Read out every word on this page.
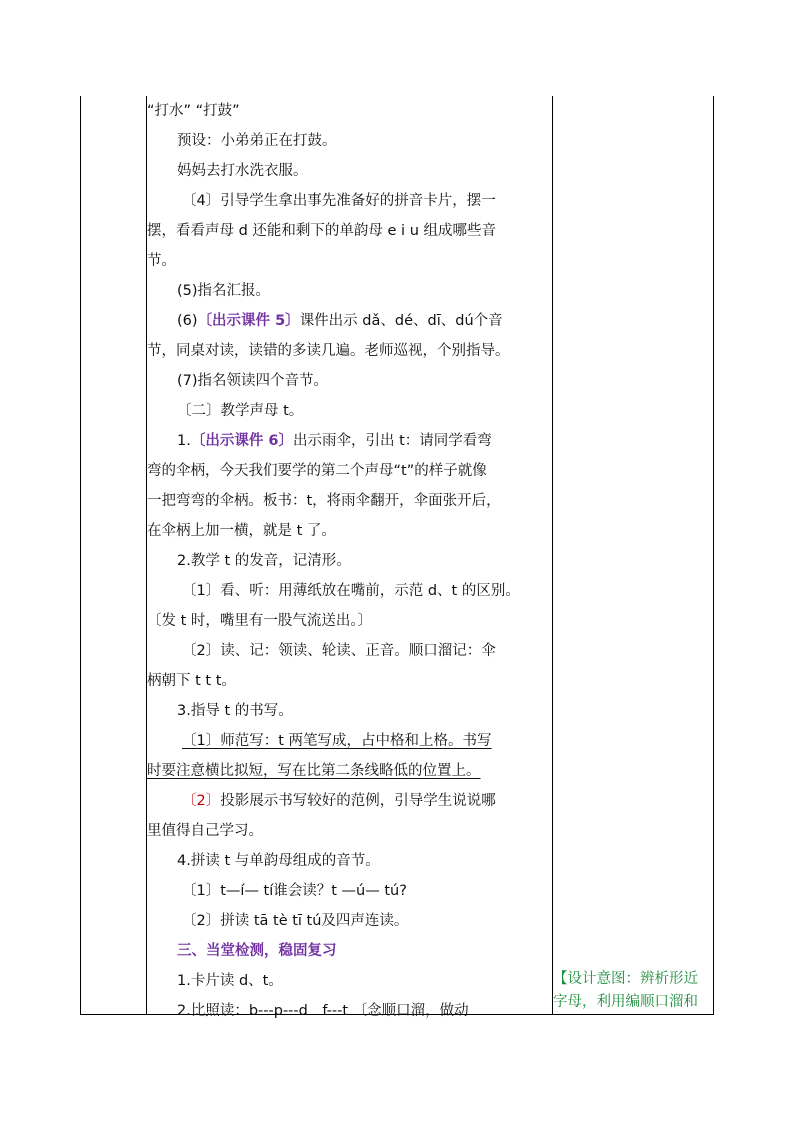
“打水” “打鼓”

预设：小弟弟正在打鼓。

妈妈去打水洗衣服。

〔4〕引导学生拿出事先准备好的拼音卡片，摆一

摆，看看声母 d 还能和剩下的单韵母 e i u 组成哪些音

节。

(5)指名汇报。

(6)〔出示课件 5〕课件出示 dǎ、dé、dī、dú个音

节，同桌对读，读错的多读几遍。老师巡视，个别指导。

(7)指名领读四个音节。

〔二〕教学声母 t。

1.〔出示课件 6〕出示雨伞，引出 t：请同学看弯

弯的伞柄，今天我们要学的第二个声母“t”的样子就像

一把弯弯的伞柄。板书：t，将雨伞翻开，伞面张开后，

在伞柄上加一横，就是 t 了。

2.教学 t 的发音，记清形。

〔1〕看、听：用薄纸放在嘴前，示范 d、t 的区别。

〔发 t 时，嘴里有一股气流送出。〕

〔2〕读、记：领读、轮读、正音。顺口溜记：伞

柄朝下 t t t。

3.指导 t 的书写。

〔1〕师范写：t 两笔写成，占中格和上格。书写

时要注意横比拟短，写在比第二条线略低的位置上。

〔2〕投影展示书写较好的范例，引导学生说说哪

里值得自己学习。

4.拼读 t 与单韵母组成的音节。

〔1〕t—í— tí谁会读？t —ú— tú?

〔2〕拼读 tā tè tī tú及四声连读。

三、当堂检测，稳固复习

1.卡片读 d、t。

2.比照读：b---p---d　f---t 〔念顺口溜，做动

【设计意图：辨析形近

字母，利用编顺口溜和
